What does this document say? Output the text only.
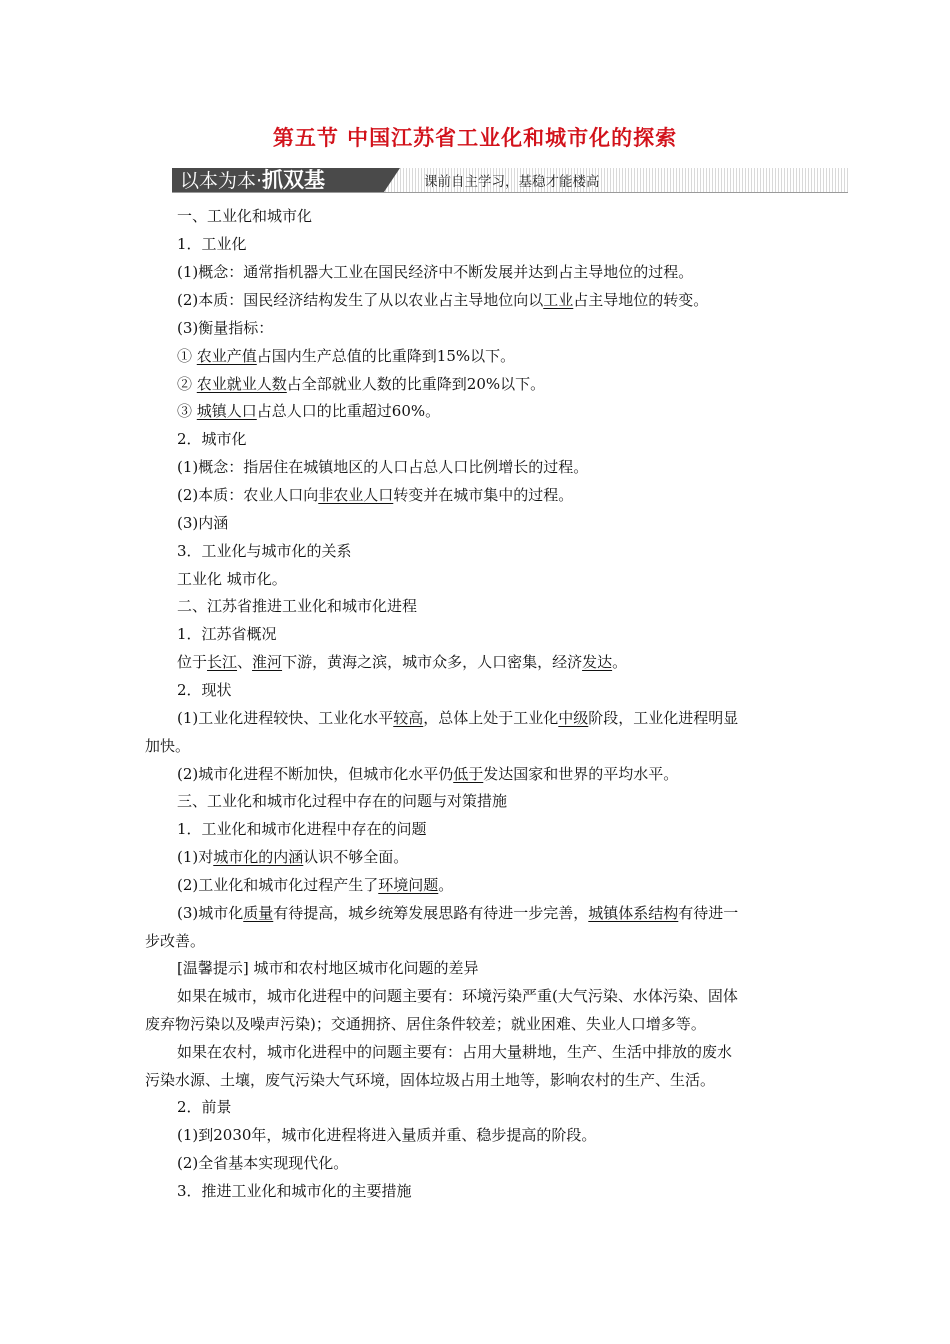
第五节 中国江苏省工业化和城市化的探索
以本为本·抓双基	课前自主学习，基稳才能楼高
一、工业化和城市化
1．工业化
(1)概念：通常指机器大工业在国民经济中不断发展并达到占主导地位的过程。
(2)本质：国民经济结构发生了从以农业占主导地位向以工业占主导地位的转变。
(3)衡量指标：
① 农业产值占国内生产总值的比重降到15%以下。
② 农业就业人数占全部就业人数的比重降到20%以下。
③ 城镇人口占总人口的比重超过60%。
2．城市化
(1)概念：指居住在城镇地区的人口占总人口比例增长的过程。
(2)本质：农业人口向非农业人口转变并在城市集中的过程。
(3)内涵
3．工业化与城市化的关系
工业化 城市化。
二、江苏省推进工业化和城市化进程
1．江苏省概况
位于长江、淮河下游，黄海之滨，城市众多，人口密集，经济发达。
2．现状
(1)工业化进程较快、工业化水平较高，总体上处于工业化中级阶段，工业化进程明显
加快。
(2)城市化进程不断加快，但城市化水平仍低于发达国家和世界的平均水平。
三、工业化和城市化过程中存在的问题与对策措施
1．工业化和城市化进程中存在的问题
(1)对城市化的内涵认识不够全面。
(2)工业化和城市化过程产生了环境问题。
(3)城市化质量有待提高，城乡统筹发展思路有待进一步完善，城镇体系结构有待进一
步改善。
[温馨提示] 城市和农村地区城市化问题的差异
如果在城市，城市化进程中的问题主要有：环境污染严重(大气污染、水体污染、固体
废弃物污染以及噪声污染)；交通拥挤、居住条件较差；就业困难、失业人口增多等。
如果在农村，城市化进程中的问题主要有：占用大量耕地，生产、生活中排放的废水
污染水源、土壤，废气污染大气环境，固体垃圾占用土地等，影响农村的生产、生活。
2．前景
(1)到2030年，城市化进程将进入量质并重、稳步提高的阶段。
(2)全省基本实现现代化。
3．推进工业化和城市化的主要措施
